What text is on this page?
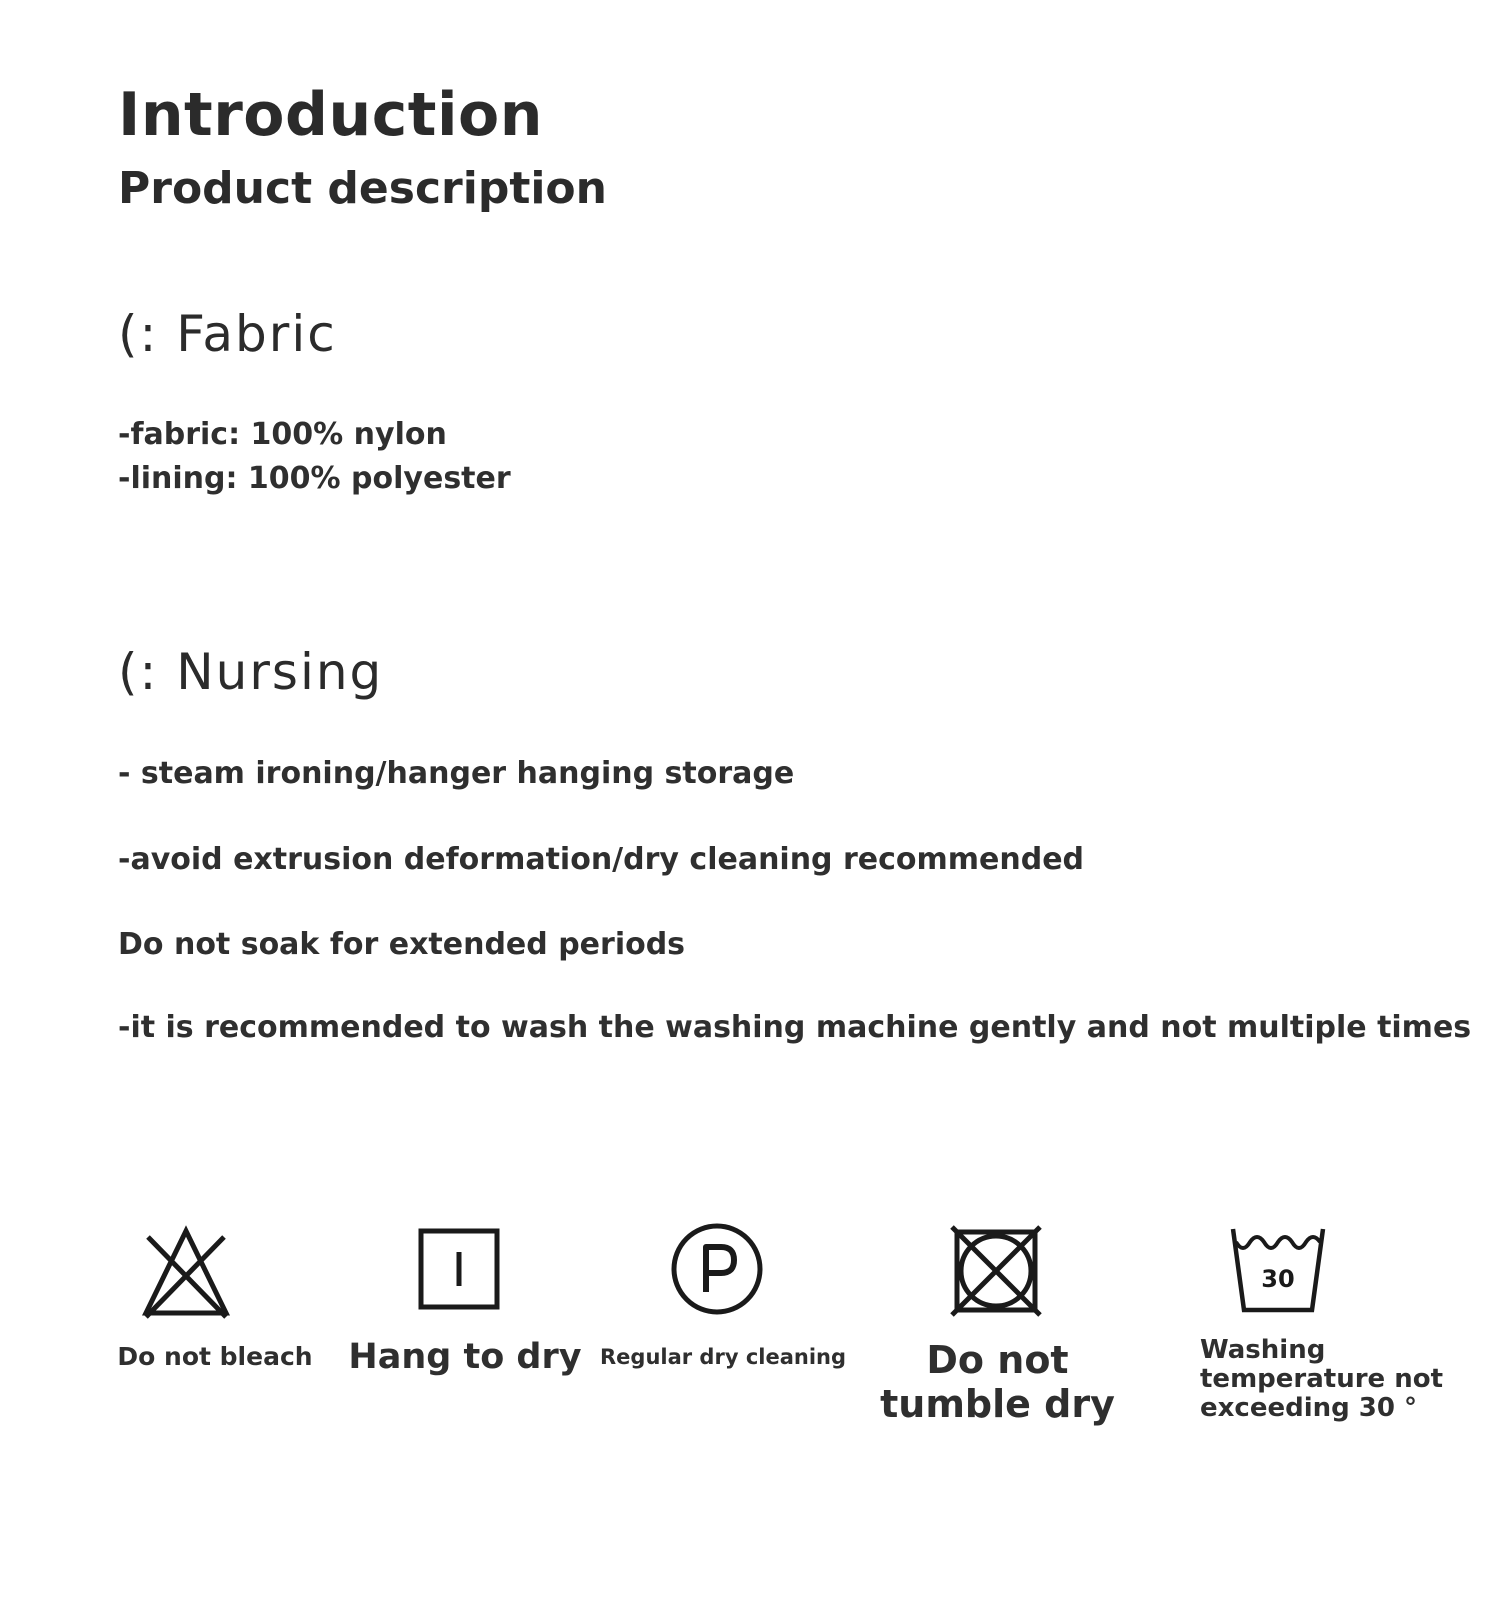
Introduction
Product description
(: Fabric
-fabric: 100% nylon
-lining: 100% polyester
(: Nursing
- steam ironing/hanger hanging storage
-avoid extrusion deformation/dry cleaning recommended
Do not soak for extended periods
-it is recommended to wash the washing machine gently and not multiple times
Do not bleach	Hang to dry Regular dry cleaning	Do not
tumble dry
30
Washing
temperature not
exceeding 30 °
